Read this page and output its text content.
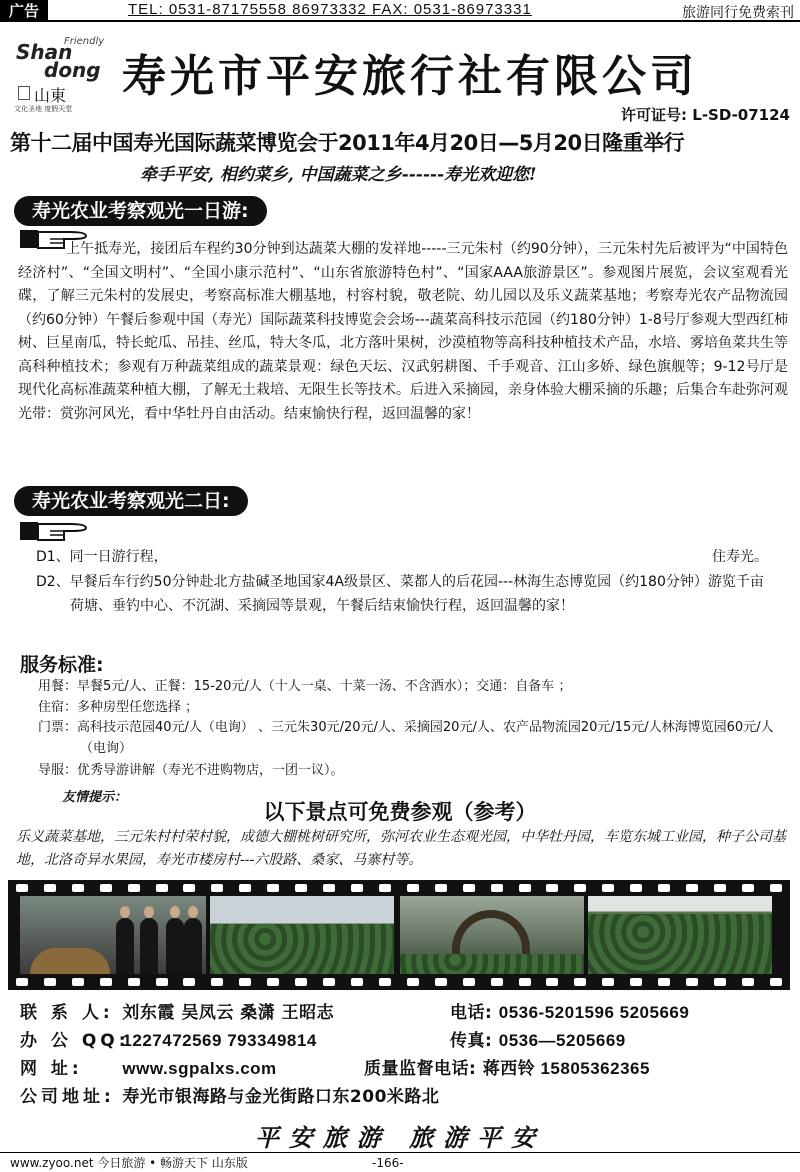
广告	TEL: 0531-87175558 86973332 FAX: 0531-86973331	旅游同行免费索刊
Friendly
Shan
dong
山東
文化圣地 度假天堂
寿光市平安旅行社有限公司
许可证号: L-SD-07124
第十二届中国寿光国际蔬菜博览会于2011年4月20日—5月20日隆重举行
牵手平安, 相约菜乡, 中国蔬菜之乡------寿光欢迎您!
寿光农业考察观光一日游:
上午抵寿光，接团后车程约30分钟到达蔬菜大棚的发祥地-----三元朱村（约90分钟），三元朱村先后被评为“中国特色经济村”、“全国文明村”、“全国小康示范村”、“山东省旅游特色村”、“国家AAA旅游景区”。参观图片展览，会议室观看光碟，了解三元朱村的发展史，考察高标准大棚基地，村容村貌，敬老院、幼儿园以及乐义蔬菜基地；考察寿光农产品物流园（约60分钟）午餐后参观中国（寿光）国际蔬菜科技博览会会场---蔬菜高科技示范园（约180分钟）1-8号厅参观大型西红柿树、巨星南瓜，特长蛇瓜、吊挂、丝瓜，特大冬瓜，北方落叶果树，沙漠植物等高科技种植技术产品，水培、雾培鱼菜共生等高科种植技术；参观有万种蔬菜组成的蔬菜景观：绿色天坛、汉武躬耕图、千手观音、江山多娇、绿色旗舰等；9-12号厅是现代化高标准蔬菜种植大棚，了解无土栽培、无限生长等技术。后进入采摘园，亲身体验大棚采摘的乐趣；后集合车赴弥河观光带：赏弥河风光，看中华牡丹自由活动。结束愉快行程，返回温馨的家！
寿光农业考察观光二日:
D1、同一日游行程，	住寿光。
D2、早餐后车行约50分钟赴北方盐碱圣地国家4A级景区、菜都人的后花园---林海生态博览园（约180分钟）游览千亩荷塘、垂钓中心、不沉湖、采摘园等景观，午餐后结束愉快行程，返回温馨的家！
服务标准:
用餐：早餐5元/人、正餐：15-20元/人（十人一桌、十菜一汤、不含酒水）；交通：自备车 ；
住宿：多种房型任您选择 ；
门票：高科技示范园40元/人（电询） 、三元朱30元/20元/人、采摘园20元/人、农产品物流园20元/15元/人林海博览园60元/人（电询）
导服：优秀导游讲解（寿光不进购物店，一团一议）。
友情提示：
以下景点可免费参观（参考）
乐义蔬菜基地，三元朱村村荣村貌，成德大棚桃树研究所，弥河农业生态观光园，中华牡丹园，车览东城工业园，种子公司基地，北洛奇异水果园，寿光市楼房村---六股路、桑家、马寨村等。
联 系 人: 刘东霞 吴凤云 桑潇 王昭志	电话: 0536-5201596 5205669
办 公 QQ: 1227472569 793349814	传真: 0536—5205669
网 址: www.sgpalxs.com	质量监督电话: 蒋西铃 15805362365
公司地址: 寿光市银海路与金光街路口东200米路北
平安旅游 旅游平安
www.zyoo.net 今日旅游 • 畅游天下 山东版	-166-
